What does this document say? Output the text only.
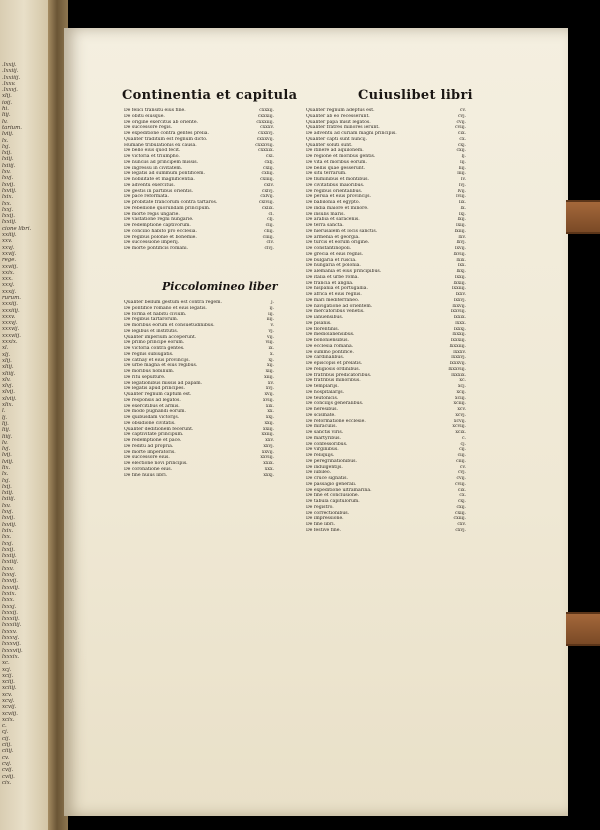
.lxxij.
.lxxiij.
.lxxiiij.
.lxxv.
.lxxvj.
xlij.
ioij.
hi.
liij.
lv.
tarium.
lviij.
lx.
lxj.
lxij.
lxiij.
lxiiij.
lxv.
lxvj.
lxvij.
lxviij.
lxix.
lxx.
lxxj.
lxxij.
lxxiij.
cione libri.
xxiiij.
xxv.
xxvj.
xxvij.
rege.
xxviij.
xxix.
xxx.
xxxj.
xxxij.
rurum.
xxxiij.
xxxiiij.
xxxv.
xxxvj.
xxxvij.
xxxviij.
xxxix.
xl.
xlj.
xlij.
xliij.
xliiij.
xlv.
xlvj.
xlvij.
xlviij.
xlix.
l.
lj.
lij.
liij.
liiij.
lv.
lvj.
lvij.
lviij.
lix.
lx.
lxj.
lxij.
lxiij.
lxiiij.
lxv.
lxvj.
lxvij.
lxviij.
lxix.
lxx.
lxxj.
lxxij.
lxxiij.
lxxiiij.
lxxv.
lxxvj.
lxxvij.
lxxviij.
lxxix.
lxxx.
lxxxj.
lxxxij.
lxxxiij.
lxxxiiij.
lxxxv.
lxxxvj.
lxxxvij.
lxxxviij.
lxxxix.
xc.
xcj.
xcij.
xciij.
xciiij.
xcv.
xcvj.
xcvij.
xcviij.
xcix.
c.
cj.
cij.
ciij.
ciiij.
cv.
cvj.
cvij.
cviij.
cix.
Continentia et capitula	Cuiuslibet libri
De felici transitu eius fine.	cxxxij.
De obitu eiusque.	cxxxiij.
De origine exercitus ab oriente.	cxxxiiij.
De successore regis.	cxxxv.
De expeditione contra gentes prelia.	cxxxvj.
Qualiter traditum est regnum dicto.	cxxxvij.
Humane tribulationis ex causa.	cxxxviij.
De bello eius quod fecit.	cxxxix.
De victoria et triumpho.	cxl.
De nunciis ad principem missis.	cxlj.
De ingressu in civitatem.	cxlij.
De legatis ad summum pontificem.	cxliij.
De nobilitate et magnificentia.	cxliiij.
De adventu exercitus.	cxlv.
De gestis in partibus orientis.	cxlvj.
De pace reformata.	cxlvij.
De probitate francorum contra tartaros.	cxlviij.
De rebellione quorundam principum.	cxlix.
De morte regis ungarie.	cl.
De vastatione regni hungarie.	clj.
De redemptione captivorum.	clij.
De concilio habito pro ecclesia.	cliij.
De regibus polonie et bohemie.	cliiij.
De successione imperij.	clv.
De morte pontificis romani.	clvj.
Piccolomineo liber
Qualiter bellum gestum est contra regem.	j.
De pontifice romano et eius legatis.	ij.
De forma et habitu civium.	iij.
De regibus tartarorum.	iiij.
De moribus eorum et consuetudinibus.	v.
De legibus et institutis.	vj.
Qualiter imperium acceperunt.	vij.
De primo principe eorum.	viij.
De victoria contra gentes.	ix.
De regnis subiugatis.	x.
De cathay et eius provincijs.	xj.
De urbe magna et eius regibus.	xij.
De moribus nobilium.	xiij.
De ritu sepulture.	xiiij.
De legationibus missis ad papam.	xv.
De legatis apud principes.	xvj.
Qualiter regnum captum est.	xvij.
De responsis ad legatos.	xviij.
De exercitibus et armis.	xix.
De modo pugnandi eorum.	xx.
De quibusdam victorijs.	xxj.
De obsidione civitatis.	xxij.
Qualiter deditionem fecerunt.	xxiij.
De captivitate principum.	xxiiij.
De redemptione et pace.	xxv.
De reditu ad propria.	xxvj.
De morte imperatoris.	xxvij.
De successore eius.	xxviij.
De electione novi principis.	xxix.
De coronatione eius.	xxx.
De fine huius libri.	xxxj.
Qualiter regnum adeptus est.	cv.
Qualiter ab eo recesserunt.	cvj.
Qualiter papa misit legatos.	cvij.
Qualiter fratres minores ierunt.	cviij.
De adventu ad curiam magni principis.	cix.
Qualiter capti sunt nuncij.	cx.
Qualiter soluti sunt.	cxj.
De itinere ad aquilonem.	cxij.
De regione et moribus gentis.	lj.
De vita et moribus eorum.	lij.
De bellis quae gesserunt.	liij.
De situ terrarum.	liiij.
De fluminibus et montibus.	lv.
De civitatibus maioribus.	lvj.
De regibus orientalibus.	lvij.
De persia et eius provincijs.	lviij.
De babilonia et egypto.	lix.
De india maiore et minore.	lx.
De insulis maris.	lxj.
De arabia et saracenis.	lxij.
De terra sancta.	lxiij.
De hierusalem et locis sanctis.	lxiiij.
De armenia et georgia.	lxv.
De turcis et eorum origine.	lxvj.
De constantinopoli.	lxvij.
De grecia et eius regnis.	lxviij.
De bulgaria et ruscia.	lxix.
De hungaria et polonia.	lxx.
De alemania et eius principibus.	lxxj.
De italia et urbe roma.	lxxij.
De francia et anglia.	lxxiij.
De hispania et portugallia.	lxxiiij.
De africa et eius regnis.	lxxv.
De mari mediterraneo.	lxxvj.
De navigatione ad orientem.	lxxvij.
De mercatoribus venetis.	lxxviij.
De ianuensibus.	lxxix.
De pisanis.	lxxx.
De florentinis.	lxxxj.
De mediolanensibus.	lxxxij.
De bononiensibus.	lxxxiij.
De ecclesia romana.	lxxxiiij.
De summo pontifice.	lxxxv.
De cardinalibus.	lxxxvj.
De episcopis et prelatis.	lxxxvij.
De religiosis ordinibus.	lxxxviij.
De fratribus predicatoribus.	lxxxix.
De fratribus minoribus.	xc.
De templarijs.	xcj.
De hospitalarijs.	xcij.
De teutonicis.	xciij.
De concilijs generalibus.	xciiij.
De heresibus.	xcv.
De scismate.	xcvj.
De reformatione ecclesie.	xcvij.
De miraculis.	xcviij.
De sanctis viris.	xcix.
De martyribus.	c.
De confessoribus.	cj.
De virginibus.	cij.
De reliquijs.	ciij.
De peregrinationibus.	ciiij.
De indulgentijs.	cv.
De iubileo.	cvj.
De cruce signatis.	cvij.
De passagio generali.	cviij.
De expeditione ultramarina.	cix.
De fine et conclusione.	cx.
De tabula capitulorum.	cxj.
De registro.	cxij.
De correctionibus.	cxiij.
De impressione.	cxiiij.
De fine libri.	cxv.
De festive fine.	cxvj.
